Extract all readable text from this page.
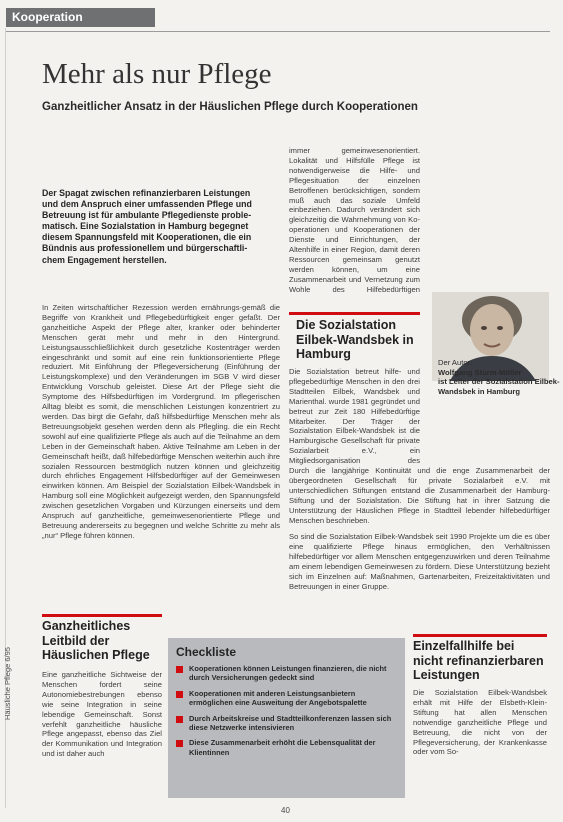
Kooperation
Mehr als nur Pflege
Ganzheitlicher Ansatz in der Häuslichen Pflege durch Kooperationen

Der Spagat zwischen refinanzierbaren Leistungen

und dem Anspruch einer umfassenden Pflege und

Betreuung ist für ambulante Pflegedienste proble-

matisch. Eine Sozialstation in Hamburg begegnet

diesem Spannungsfeld mit Kooperationen, die ein

Bündnis aus professionellem und bürgerschaftli-

chem Engagement herstellen.

In Zeiten wirtschaftlicher Rezession werden ernährungs-gemäß die Begriffe von Krankheit und Pflegebedürftigkeit enger gefaßt. Der ganzheitliche Aspekt der Pflege alter, kranker oder behinderter Menschen gerät mehr und mehr in den Hintergrund. Leistungsausschließlichkeit durch gesetzliche Kostenträger werden eingeschränkt und somit auf eine rein funktionsorientierte Pflege reduziert. Mit Einführung der Pflegeversicherung (Einführung der Leistungskomplexe) und den Veränderungen im SGB V wird dieser Entwicklung Vorschub geleistet. Diese Art der Pflege sieht die Symptome des Hilfsbedürftigen im Vordergrund. Im pflegerischen Alltag bleibt es somit, die menschlichen Leistungen konzentriert zu werden. Das birgt die Gefahr, daß hilfsbedürftige Menschen mehr als Betreuungsobjekt gesehen werden denn als Pflegling. die ein Recht sowohl auf eine qualifizierte Pflege als auch auf die Teilnahme an dem Leben in der Gemeinschaft haben. Aktive Teilnahme am Leben in der Gemeinschaft heißt, daß hilfebedürftige Menschen weiterhin auch ihre sozialen Ressourcen bestmöglich nutzen können und gleichzeitig durch ehrliches Engagement Hilfsbedürftiger auf der Gemeinwesen einwirken können. Am Beispiel der Sozialstation Eilbek-Wandsbek in Hamburg soll eine Möglichkeit aufgezeigt werden, den Spannungsfeld zwischen gesetzlichen Vorgaben und Kürzungen einerseits und dem Anspruch auf ganzheitliche, gemeinwesenorientierte Pflege und Betreuung andererseits zu begegnen und welche Schritte zu mehr als „nur“ Pflege führen können.

immer gemeinwesenorientiert. Lokalität und Hilfsfülle Pflege ist notwendigerweise die Hilfe- und Pflegesituation der einzelnen Betroffenen berücksichtigen, sondern muß auch das soziale Umfeld einbeziehen. Dadurch verändert sich gleichzeitig die Wahrnehmung von Ko-operationen und Kooperationen der Dienste und Einrichtungen, der Altenhilfe in einer Region, damit deren Ressourcen gemeinsam genutzt werden können, um eine Zusammenarbeit und Vernetzung zum Wohle des Hilfebedürftigen

Die Sozialstation Eilbek-Wandsbek in Hamburg

Die Sozialstation betreut hilfe- und pflegebedürftige Menschen in den drei Stadtteilen Eilbek, Wandsbek und Marienthal. wurde 1981 gegründet und betreut zur Zeit 180 Hilfebedürftige Mitarbeiter. Der Träger der Sozialstation Eilbek-Wandsbek ist die Hamburgische Gesellschaft für private Sozialarbeit e.V., ein Mitgliedsorganisation des

Der Autor:
Wolfgang Sturm-Möller
ist Leiter der Sozialstation Eilbek-Wandsbek in Hamburg

Durch die langjährige Kontinuität und die enge Zusammenarbeit der übergeordneten Gesellschaft für private Sozialarbeit e.V. mit unterschiedlichen Stiftungen entstand die Zusammenarbeit der Hamburg-Stiftung und der Sozialstation. Die Stiftung hat in ihrer Satzung die Unterstützung der Häuslichen Pflege in Stadtteil lebender hilfebedürftiger Menschen beschrieben.

So sind die Sozialstation Eilbek-Wandsbek seit 1990 Projekte um die es über eine qualifizierte Pflege hinaus ermöglichen, den Verhältnissen hilfebedürftiger vor allem Menschen entgegenzuwirken und deren Teilnahme am einem lebendigen Gemeinwesen zu fördern. Diese Unterstützung bezieht sich im Einzelnen auf: Maßnahmen, Gartenarbeiten, Freizeitaktivitäten und Betreuungen in einer Gruppe.

Ganzheitliches Leitbild der Häuslichen Pflege

Eine ganzheitliche Sichtweise der Menschen fordert seine Autonomiebestrebungen ebenso wie seine Integration in seine lebendige Gemeinschaft. Sonst verfehlt ganzheitliche häusliche Pflege angepasst, ebenso das Ziel der Kommunikation und Integration und ist daher auch

Checkliste
Kooperationen können Leistungen finanzieren, die nicht durch Versicherungen gedeckt sind
Kooperationen mit anderen Leistungsanbietern ermöglichen eine Ausweitung der Angebotspalette
Durch Arbeitskreise und Stadtteilkonferenzen lassen sich diese Netzwerke intensivieren
Diese Zusammenarbeit erhöht die Lebensqualität der Klientinnen
Einzelfallhilfe bei nicht refinanzierbaren Leistungen

Die Sozialstation Eilbek-Wandsbek erhält mit Hilfe der Elsbeth-Klein-Stiftung hat allen Menschen notwendige ganzheitliche Pflege und Betreuung, die nicht von der Pflegeversicherung, der Krankenkasse oder vom So-

Häusliche Pflege 6/95
40
